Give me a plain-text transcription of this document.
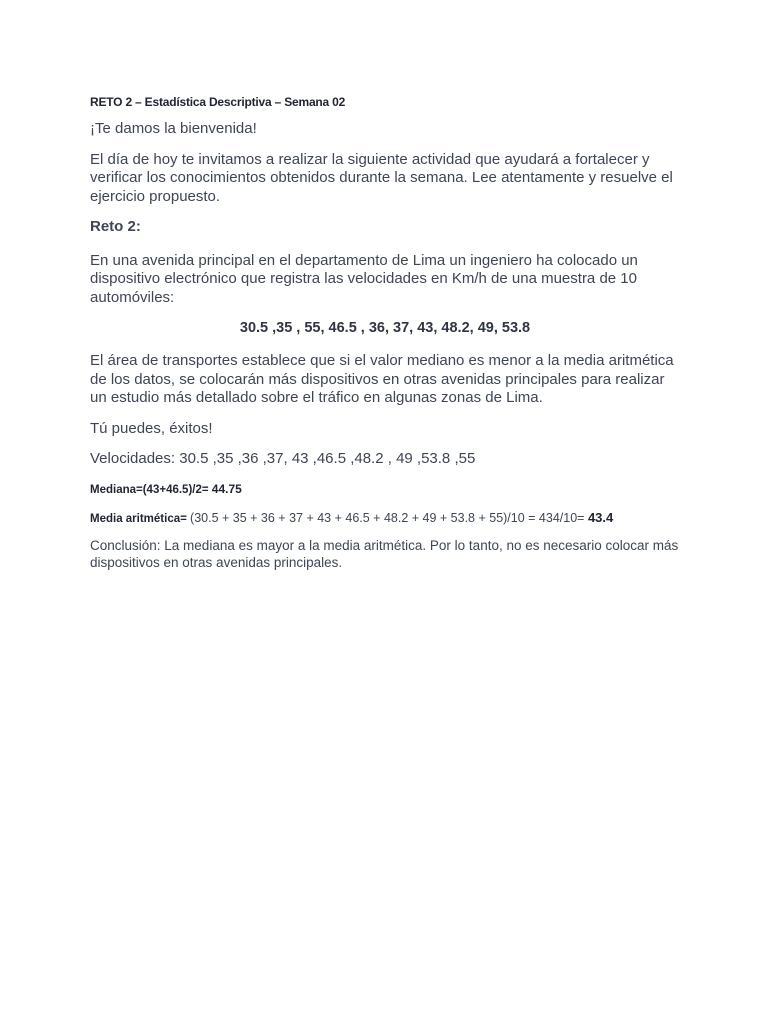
RETO 2 – Estadística Descriptiva – Semana 02

¡Te damos la bienvenida!

El día de hoy te invitamos a realizar la siguiente actividad que ayudará a fortalecer y verificar los conocimientos obtenidos durante la semana. Lee atentamente y resuelve el ejercicio propuesto.

Reto 2:

En una avenida principal en el departamento de Lima un ingeniero ha colocado un dispositivo electrónico que registra las velocidades en Km/h de una muestra de 10 automóviles:

30.5 ,35 , 55, 46.5 , 36, 37, 43, 48.2, 49, 53.8

El área de transportes establece que si el valor mediano es menor a la media aritmética de los datos, se colocarán más dispositivos en otras avenidas principales para realizar un estudio más detallado sobre el tráfico en algunas zonas de Lima.

Tú puedes, éxitos!

Velocidades: 30.5 ,35 ,36 ,37, 43 ,46.5 ,48.2 , 49 ,53.8 ,55

Mediana=(43+46.5)/2= 44.75

Media aritmética= (30.5 + 35 + 36 + 37 + 43 + 46.5 + 48.2 + 49 + 53.8 + 55)/10 = 434/10= 43.4

Conclusión: La mediana es mayor a la media aritmética. Por lo tanto, no es necesario colocar más dispositivos en otras avenidas principales.
